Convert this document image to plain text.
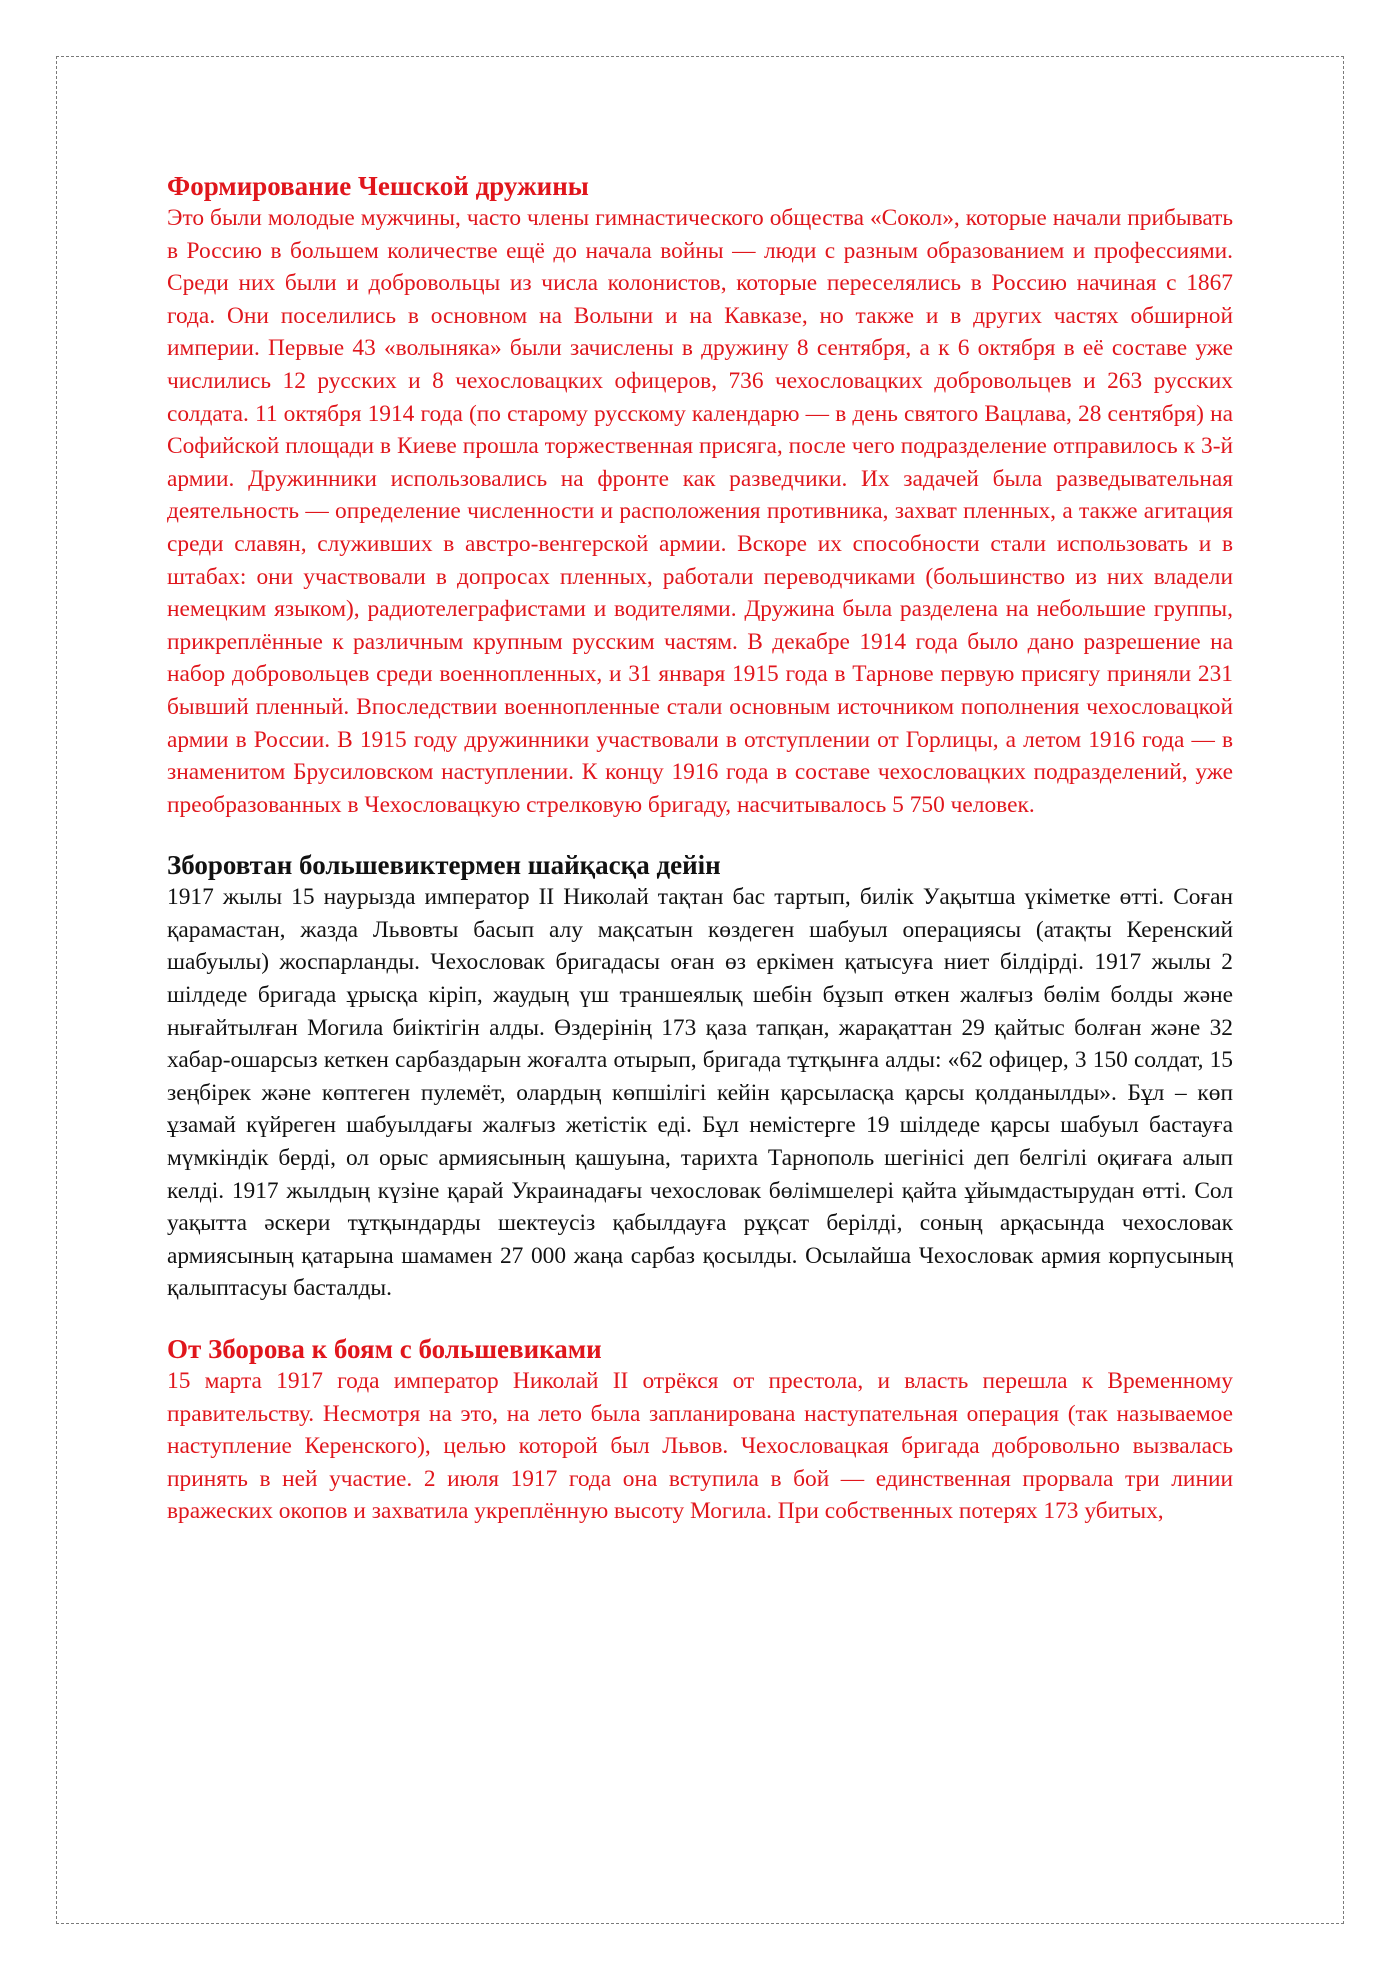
Формирование Чешской дружины

Это были молодые мужчины, часто члены гимнастического общества «Сокол», которые начали прибывать в Россию в большем количестве ещё до начала войны — люди с разным образованием и профессиями. Среди них были и добровольцы из числа колонистов, которые переселялись в Россию начиная с 1867 года. Они поселились в основном на Волыни и на Кавказе, но также и в других частях обширной империи. Первые 43 «волыняка» были зачислены в дружину 8 сентября, а к 6 октября в её составе уже числились 12 русских и 8 чехословацких офицеров, 736 чехословацких добровольцев и 263 русских солдата. 11 октября 1914 года (по старому русскому календарю — в день святого Вацлава, 28 сентября) на Софийской площади в Киеве прошла торжественная присяга, после чего подразделение отправилось к 3-й армии. Дружинники использовались на фронте как разведчики. Их задачей была разведывательная деятельность — определение численности и расположения противника, захват пленных, а также агитация среди славян, служивших в австро-венгерской армии. Вскоре их способности стали использовать и в штабах: они участвовали в допросах пленных, работали переводчиками (большинство из них владели немецким языком), радиотелеграфистами и водителями. Дружина была разделена на небольшие группы, прикреплённые к различным крупным русским частям. В декабре 1914 года было дано разрешение на набор добровольцев среди военнопленных, и 31 января 1915 года в Тарнове первую присягу приняли 231 бывший пленный. Впоследствии военнопленные стали основным источником пополнения чехословацкой армии в России. В 1915 году дружинники участвовали в отступлении от Горлицы, а летом 1916 года — в знаменитом Брусиловском наступлении. К концу 1916 года в составе чехословацких подразделений, уже преобразованных в Чехословацкую стрелковую бригаду, насчитывалось 5 750 человек.

Зборовтан большевиктермен шайқасқа дейін

1917 жылы 15 наурызда император II Николай тақтан бас тартып, билік Уақытша үкіметке өтті. Соған қарамастан, жазда Львовты басып алу мақсатын көздеген шабуыл операциясы (атақты Керенский шабуылы) жоспарланды. Чехословак бригадасы оған өз еркімен қатысуға ниет білдірді. 1917 жылы 2 шілдеде бригада ұрысқа кіріп, жаудың үш траншеялық шебін бұзып өткен жалғыз бөлім болды және нығайтылған Могила биіктігін алды. Өздерінің 173 қаза тапқан, жарақаттан 29 қайтыс болған және 32 хабар-ошарсыз кеткен сарбаздарын жоғалта отырып, бригада тұтқынға алды: «62 офицер, 3 150 солдат, 15 зеңбірек және көптеген пулемёт, олардың көпшілігі кейін қарсыласқа қарсы қолданылды». Бұл – көп ұзамай күйреген шабуылдағы жалғыз жетістік еді. Бұл немістерге 19 шілдеде қарсы шабуыл бастауға мүмкіндік берді, ол орыс армиясының қашуына, тарихта Тарнополь шегінісі деп белгілі оқиғаға алып келді. 1917 жылдың күзіне қарай Украинадағы чехословак бөлімшелері қайта ұйымдастырудан өтті. Сол уақытта әскери тұтқындарды шектеусіз қабылдауға рұқсат берілді, соның арқасында чехословак армиясының қатарына шамамен 27 000 жаңа сарбаз қосылды. Осылайша Чехословак армия корпусының қалыптасуы басталды.

От Зборова к боям с большевиками

15 марта 1917 года император Николай II отрёкся от престола, и власть перешла к Временному правительству. Несмотря на это, на лето была запланирована наступательная операция (так называемое наступление Керенского), целью которой был Львов. Чехословацкая бригада добровольно вызвалась принять в ней участие. 2 июля 1917 года она вступила в бой — единственная прорвала три линии вражеских окопов и захватила укреплённую высоту Могила. При собственных потерях 173 убитых,
